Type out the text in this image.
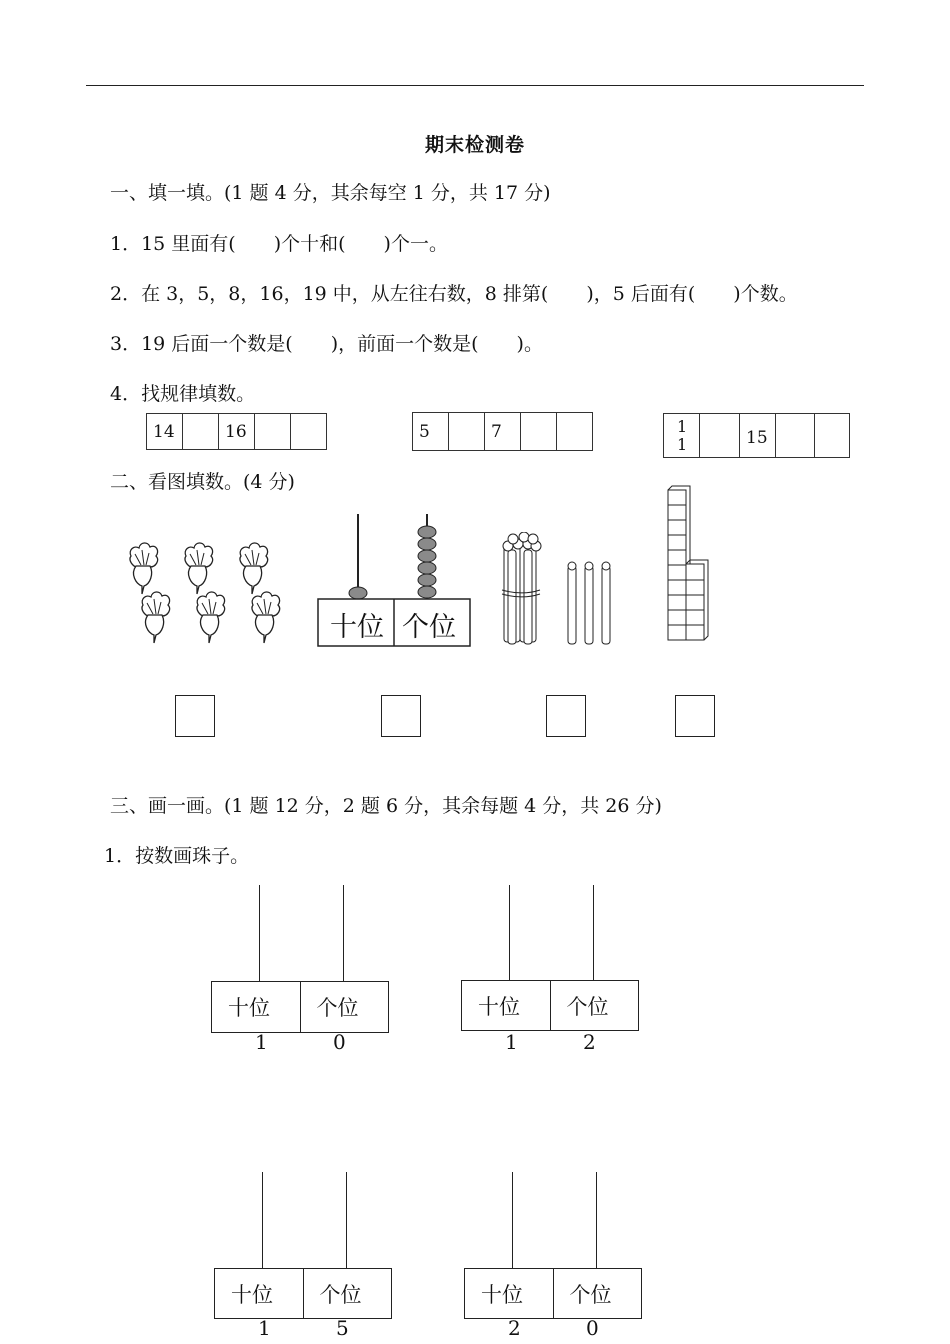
期末检测卷
一、填一填。(1 题 4 分，其余每空 1 分，共 17 分)
1．15 里面有(　　)个十和(　　)个一。
2．在 3，5，8，16，19 中，从左往右数，8 排第(　　)，5 后面有(　　)个数。
3．19 后面一个数是(　　)，前面一个数是(　　)。
4．找规律填数。
14		16			5		7			1
1		15		
二、看图填数。(4 分)
十位 个位
三、画一画。(1 题 12 分，2 题 6 分，其余每题 4 分，共 26 分)
1．按数画珠子。
十位	个位
1	0
十位	个位
1	2
十位	个位
1	5
十位	个位
2	0
